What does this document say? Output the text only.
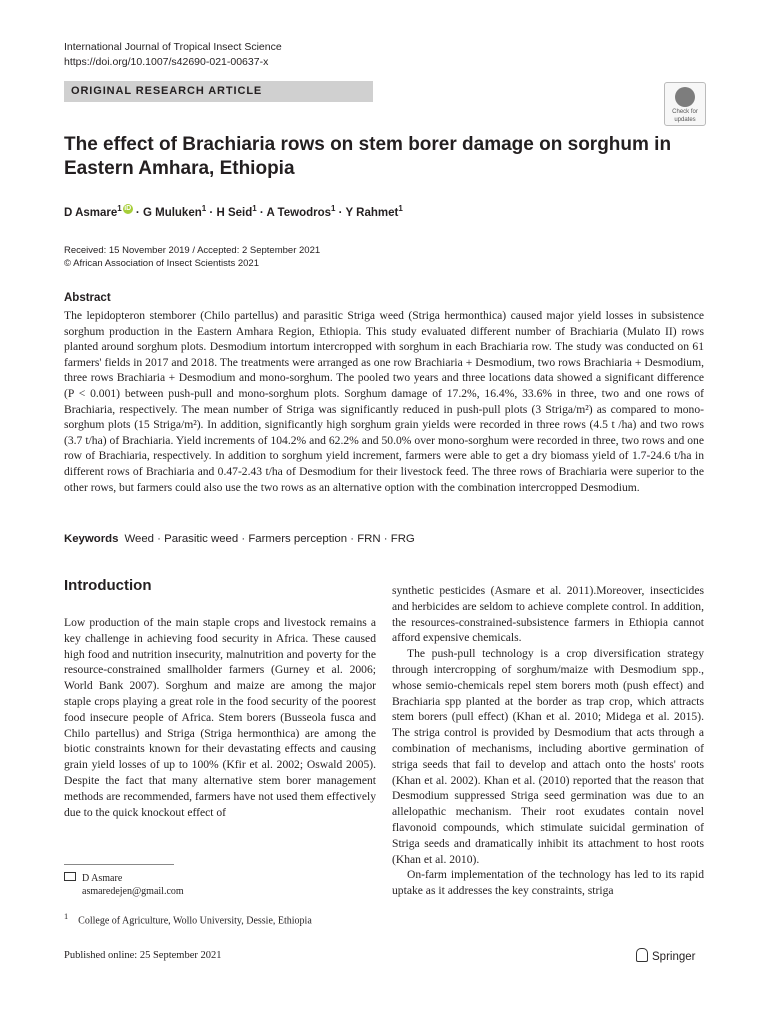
International Journal of Tropical Insect Science
https://doi.org/10.1007/s42690-021-00637-x
ORIGINAL RESEARCH ARTICLE
Check for
updates
The effect of Brachiaria rows on stem borer damage on sorghum in Eastern Amhara, Ethiopia
D Asmare$^1$ iD · G Muluken$^1$ · H Seid$^1$ · A Tewodros$^1$ · Y Rahmet$^1$
Received: 15 November 2019 / Accepted: 2 September 2021
© African Association of Insect Scientists 2021
Abstract
The lepidopteron stemborer (Chilo partellus) and parasitic Striga weed (Striga hermonthica) caused major yield losses in subsistence sorghum production in the Eastern Amhara Region, Ethiopia. This study evaluated different number of Brachiaria (Mulato II) rows planted around sorghum plots. Desmodium intortum intercropped with sorghum in each Brachiaria row. The study was conducted on 61 farmers' fields in 2017 and 2018. The treatments were arranged as one row Brachiaria + Desmodium, two rows Brachiaria + Desmodium, three rows Brachiaria + Desmodium and mono-sorghum. The pooled two years and three locations data showed a significant difference (P < 0.001) between push-pull and mono-sorghum plots. Sorghum damage of 17.2%, 16.4%, 33.6% in three, two and one rows of Brachiaria, respectively. The mean number of Striga was significantly reduced in push-pull plots (3 Striga/m²) as compared to mono-sorghum plots (15 Striga/m²). In addition, significantly high sorghum grain yields were recorded in three rows (4.5 t /ha) and two rows (3.7 t/ha) of Brachiaria. Yield increments of 104.2% and 62.2% and 50.0% over mono-sorghum were recorded in three, two rows and one row of Brachiaria, respectively. In addition to sorghum yield increment, farmers were able to get a dry biomass yield of 1.7-24.6 t/ha in different rows of Brachiaria and 0.47-2.43 t/ha of Desmodium for their livestock feed. The three rows of Brachiaria were superior to the other rows, but farmers could also use the two rows as an alternative option with the combination intercropped Desmodium.
Keywords Weed · Parasitic weed · Farmers perception · FRN · FRG
Introduction

Low production of the main staple crops and livestock remains a key challenge in achieving food security in Africa. These caused high food and nutrition insecurity, malnutrition and poverty for the resource-constrained smallholder farmers (Gurney et al. 2006; World Bank 2007). Sorghum and maize are among the major staple crops playing a great role in the food security of the poorest food insecure people of Africa. Stem borers (Busseola fusca and Chilo partellus) and Striga (Striga hermonthica) are among the biotic constraints known for their devastating effects and causing grain yield losses of up to 100% (Kfir et al. 2002; Oswald 2005). Despite the fact that many alternative stem borer management methods are recommended, farmers have not used them effectively due to the quick knockout effect of

synthetic pesticides (Asmare et al. 2011).Moreover, insecticides and herbicides are seldom to achieve complete control. In addition, the resources-constrained-subsistence farmers in Ethiopia cannot afford expensive chemicals.

The push-pull technology is a crop diversification strategy through intercropping of sorghum/maize with Desmodium spp., whose semio-chemicals repel stem borers moth (push effect) and Brachiaria spp planted at the border as trap crop, which attracts stem borers (pull effect) (Khan et al. 2010; Midega et al. 2015). The striga control is provided by Desmodium that acts through a combination of mechanisms, including abortive germination of striga seeds that fail to develop and attach onto the hosts' roots (Khan et al. 2002). Khan et al. (2010) reported that the reason that Desmodium suppressed Striga seed germination was due to an allelopathic mechanism. Their root exudates contain novel flavonoid compounds, which stimulate suicidal germination of Striga seeds and dramatically inhibit its attachment to host roots (Khan et al. 2010).

On-farm implementation of the technology has led to its rapid uptake as it addresses the key constraints, striga

D Asmare
asmaredejen@gmail.com
$^1$ College of Agriculture, Wollo University, Dessie, Ethiopia
Published online: 25 September 2021	Springer
